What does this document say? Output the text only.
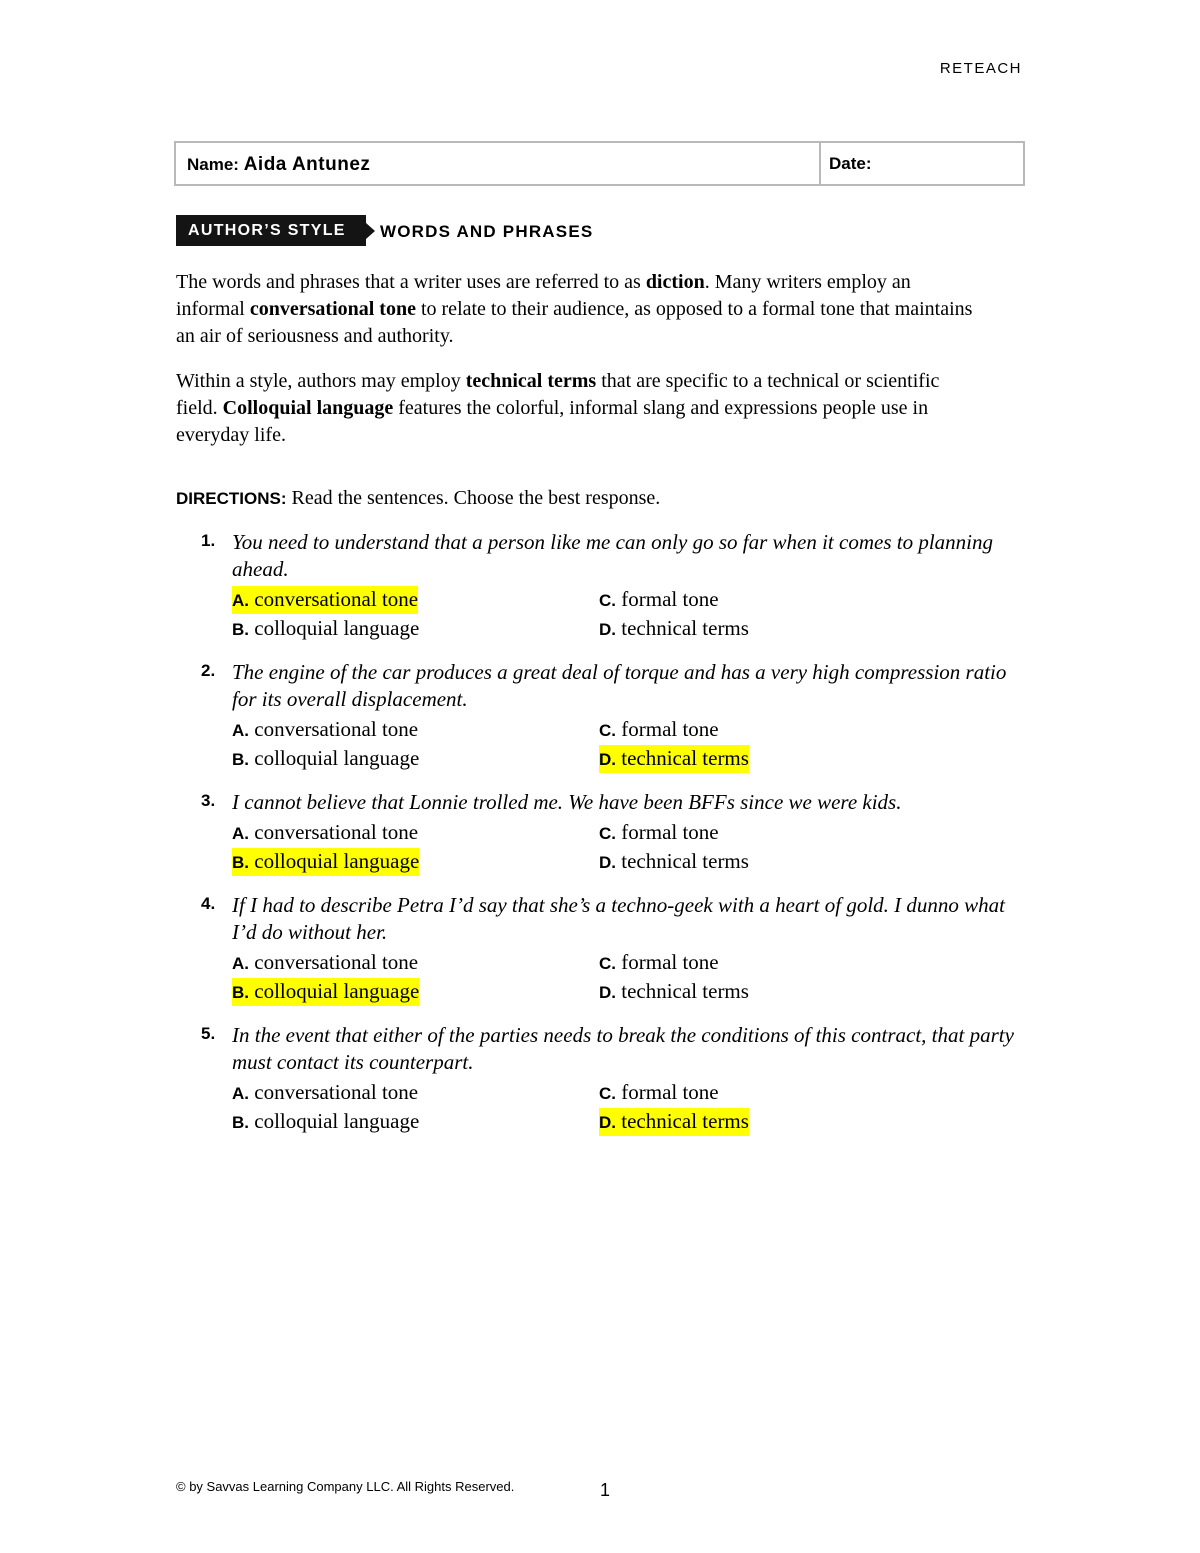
RETEACH
Name: Aida Antunez	Date:
AUTHOR’S STYLE	WORDS AND PHRASES

The words and phrases that a writer uses are referred to as diction. Many writers employ an informal conversational tone to relate to their audience, as opposed to a formal tone that maintains an air of seriousness and authority.

Within a style, authors may employ technical terms that are specific to a technical or scientific field. Colloquial language features the colorful, informal slang and expressions people use in everyday life.

DIRECTIONS: Read the sentences. Choose the best response.

1. You need to understand that a person like me can only go so far when it comes to planning ahead.

A. conversational tone
B. colloquial language
C. formal tone
D. technical terms
2. The engine of the car produces a great deal of torque and has a very high compression ratio for its overall displacement.

A. conversational tone
B. colloquial language
C. formal tone
D. technical terms
3. I cannot believe that Lonnie trolled me. We have been BFFs since we were kids.

A. conversational tone
B. colloquial language
C. formal tone
D. technical terms
4. If I had to describe Petra I’d say that she’s a techno-geek with a heart of gold. I dunno what I’d do without her.

A. conversational tone
B. colloquial language
C. formal tone
D. technical terms
5. In the event that either of the parties needs to break the conditions of this contract, that party must contact its counterpart.

A. conversational tone
B. colloquial language
C. formal tone
D. technical terms
© by Savvas Learning Company LLC. All Rights Reserved.	1
